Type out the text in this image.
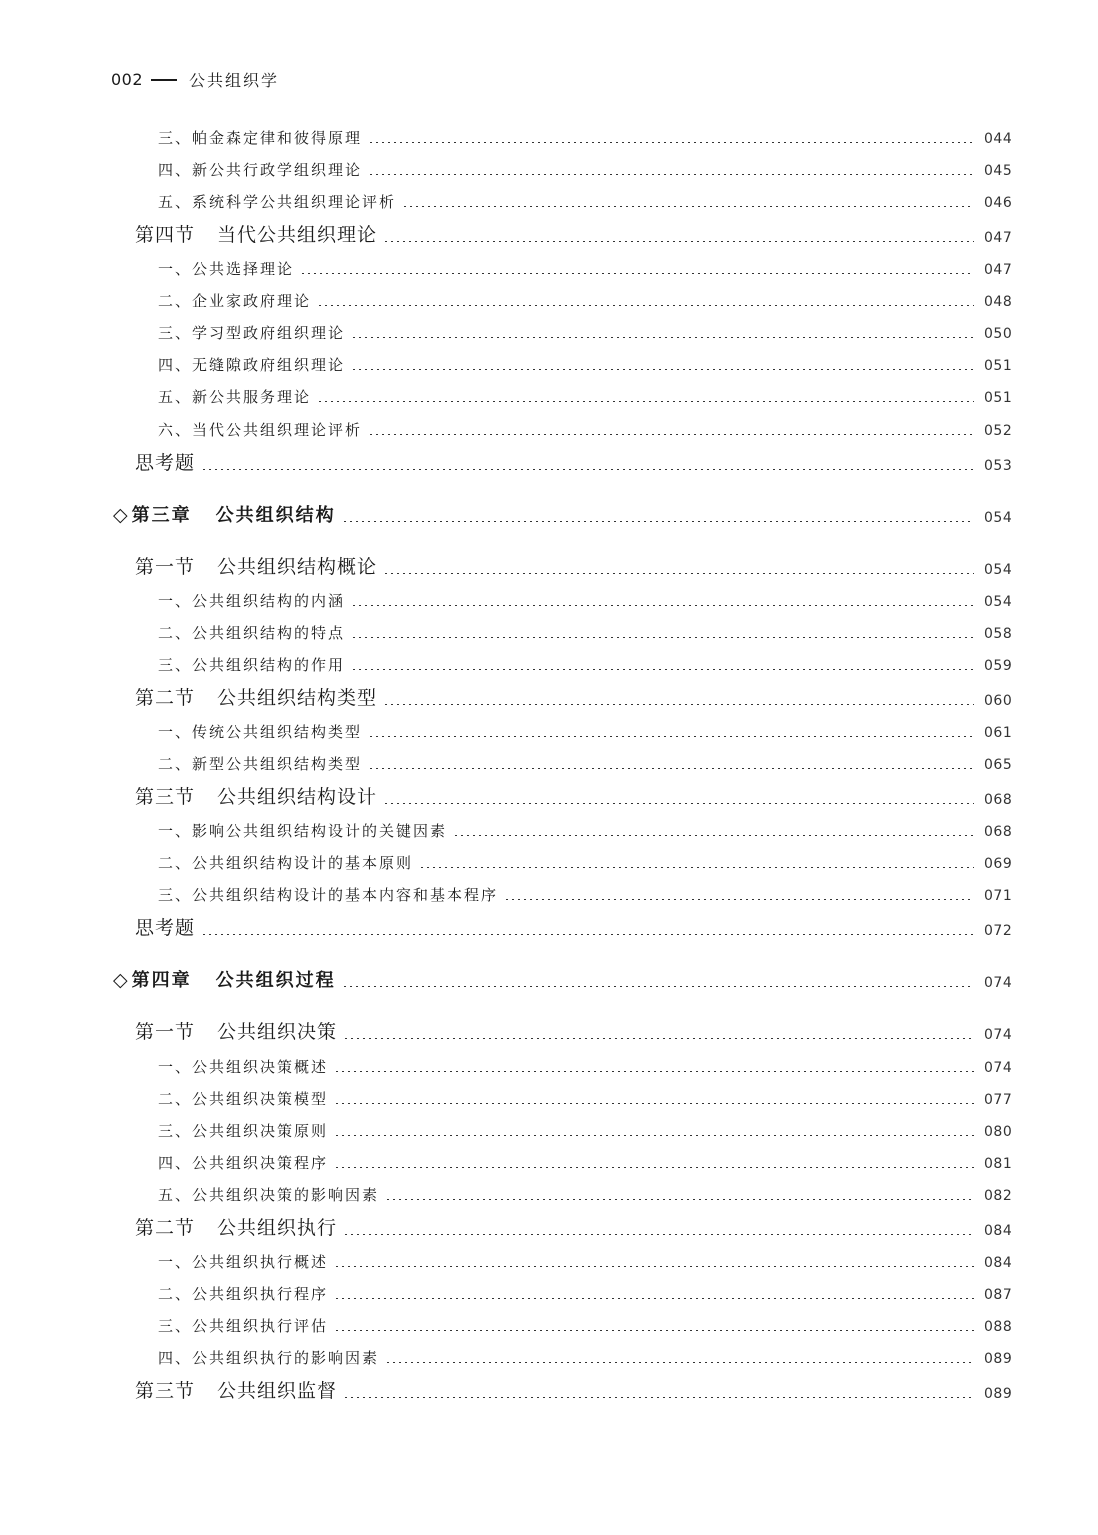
002	公共组织学
三、帕金森定律和彼得原理	044
四、新公共行政学组织理论	045
五、系统科学公共组织理论评析	046
第四节 当代公共组织理论	047
一、公共选择理论	047
二、企业家政府理论	048
三、学习型政府组织理论	050
四、无缝隙政府组织理论	051
五、新公共服务理论	051
六、当代公共组织理论评析	052
思考题	053
◇ 第三章 公共组织结构	054
第一节 公共组织结构概论	054
一、公共组织结构的内涵	054
二、公共组织结构的特点	058
三、公共组织结构的作用	059
第二节 公共组织结构类型	060
一、传统公共组织结构类型	061
二、新型公共组织结构类型	065
第三节 公共组织结构设计	068
一、影响公共组织结构设计的关键因素	068
二、公共组织结构设计的基本原则	069
三、公共组织结构设计的基本内容和基本程序	071
思考题	072
◇ 第四章 公共组织过程	074
第一节 公共组织决策	074
一、公共组织决策概述	074
二、公共组织决策模型	077
三、公共组织决策原则	080
四、公共组织决策程序	081
五、公共组织决策的影响因素	082
第二节 公共组织执行	084
一、公共组织执行概述	084
二、公共组织执行程序	087
三、公共组织执行评估	088
四、公共组织执行的影响因素	089
第三节 公共组织监督	089
